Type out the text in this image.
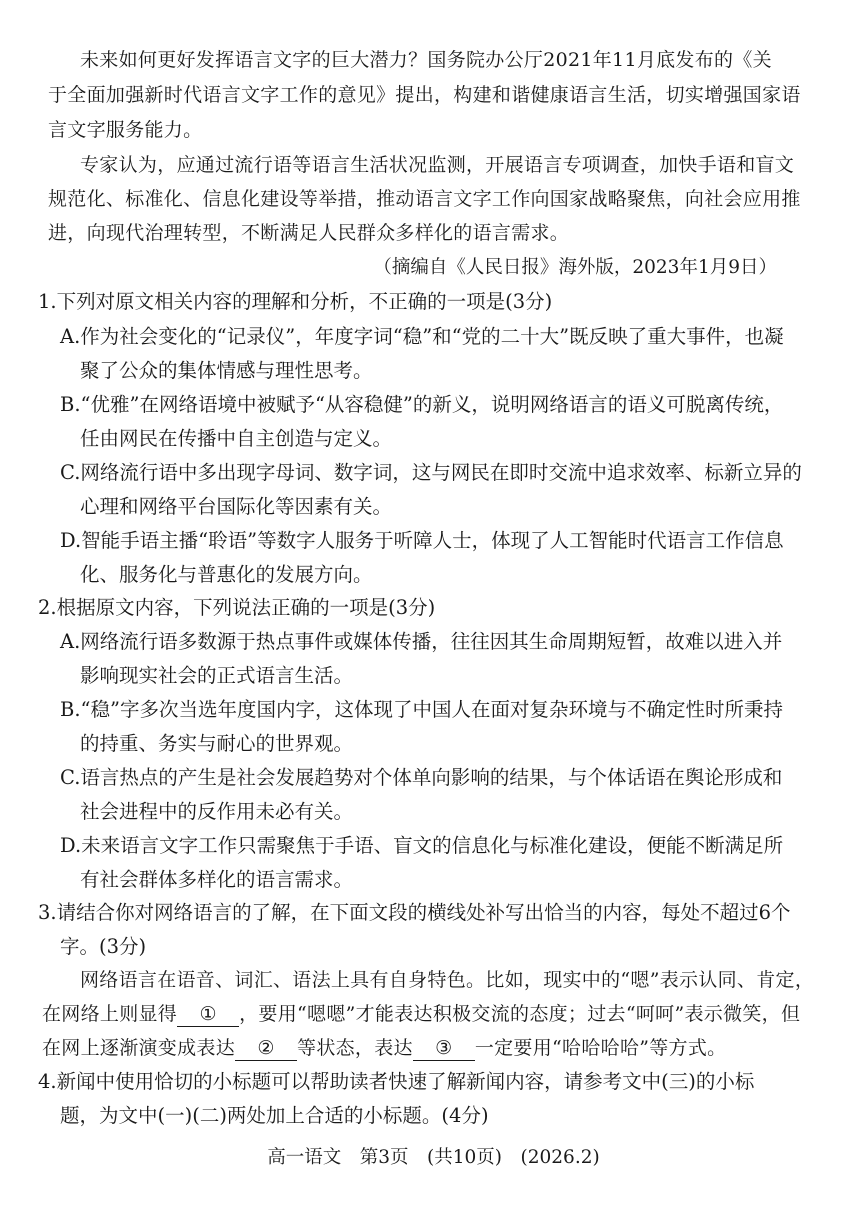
未来如何更好发挥语言文字的巨大潜力？国务院办公厅2021年11月底发布的《关
于全面加强新时代语言文字工作的意见》提出，构建和谐健康语言生活，切实增强国家语
言文字服务能力。
专家认为，应通过流行语等语言生活状况监测，开展语言专项调查，加快手语和盲文
规范化、标准化、信息化建设等举措，推动语言文字工作向国家战略聚焦，向社会应用推
进，向现代治理转型，不断满足人民群众多样化的语言需求。
（摘编自《人民日报》海外版，2023年1月9日）
1.下列对原文相关内容的理解和分析，不正确的一项是(3分)
A.作为社会变化的“记录仪”，年度字词“稳”和“党的二十大”既反映了重大事件，也凝
聚了公众的集体情感与理性思考。
B.“优雅”在网络语境中被赋予“从容稳健”的新义，说明网络语言的语义可脱离传统，
任由网民在传播中自主创造与定义。
C.网络流行语中多出现字母词、数字词，这与网民在即时交流中追求效率、标新立异的
心理和网络平台国际化等因素有关。
D.智能手语主播“聆语”等数字人服务于听障人士，体现了人工智能时代语言工作信息
化、服务化与普惠化的发展方向。
2.根据原文内容，下列说法正确的一项是(3分)
A.网络流行语多数源于热点事件或媒体传播，往往因其生命周期短暂，故难以进入并
影响现实社会的正式语言生活。
B.“稳”字多次当选年度国内字，这体现了中国人在面对复杂环境与不确定性时所秉持
的持重、务实与耐心的世界观。
C.语言热点的产生是社会发展趋势对个体单向影响的结果，与个体话语在舆论形成和
社会进程中的反作用未必有关。
D.未来语言文字工作只需聚焦于手语、盲文的信息化与标准化建设，便能不断满足所
有社会群体多样化的语言需求。
3.请结合你对网络语言的了解，在下面文段的横线处补写出恰当的内容，每处不超过6个
字。(3分)
网络语言在语音、词汇、语法上具有自身特色。比如，现实中的“嗯”表示认同、肯定，
在网络上则显得 ① ，要用“嗯嗯”才能表达积极交流的态度；过去“呵呵”表示微笑，但
在网上逐渐演变成表达 ② 等状态，表达 ③ 一定要用“哈哈哈哈”等方式。
4.新闻中使用恰切的小标题可以帮助读者快速了解新闻内容，请参考文中(三)的小标
题，为文中(一)(二)两处加上合适的小标题。(4分)
高一语文　第3页　(共10页)　(2026.2)
